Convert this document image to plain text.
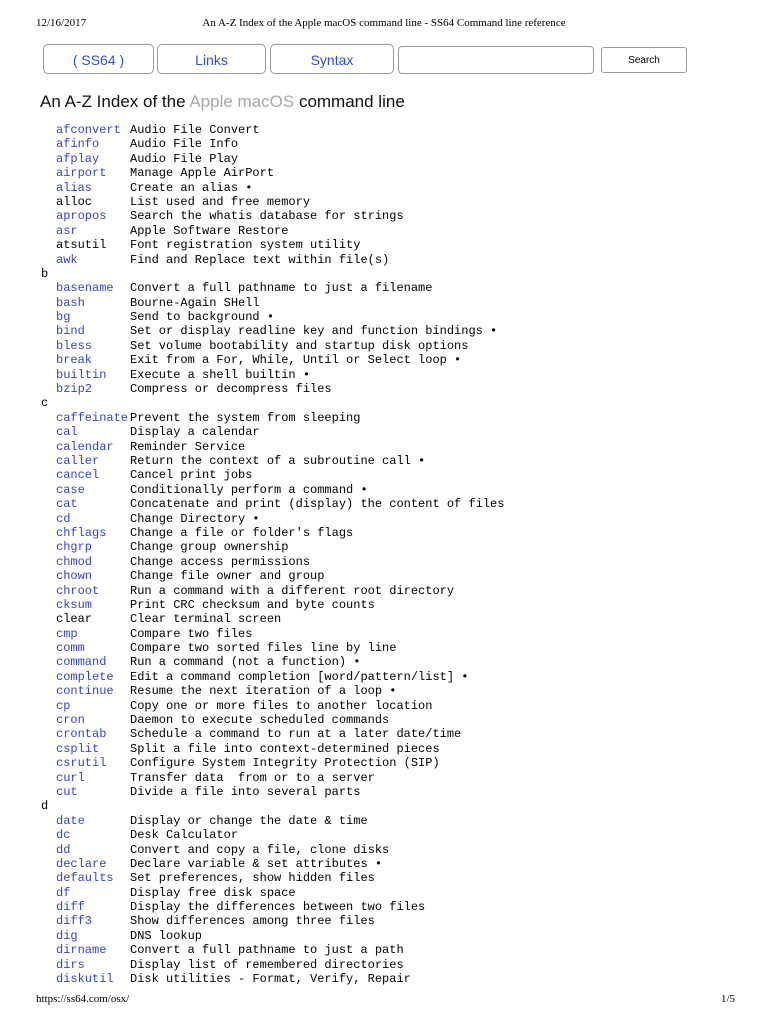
12/16/2017	An A-Z Index of the Apple macOS command line - SS64 Command line reference
( SS64 )	Links	Syntax	Search
An A-Z Index of the Apple macOS command line
afconvert Audio File Convert
afinfo	Audio File Info
afplay	Audio File Play
airport Manage Apple AirPort
alias	Create an alias •
alloc	List used and free memory
apropos Search the whatis database for strings
asr	Apple Software Restore
atsutil Font registration system utility
awk	Find and Replace text within file(s)
b
basename Convert a full pathname to just a filename
bash	Bourne-Again SHell
bg	Send to background •
bind	Set or display readline key and function bindings •
bless	Set volume bootability and startup disk options
break	Exit from a For, While, Until or Select loop •
builtin Execute a shell builtin •
bzip2	Compress or decompress files
c
caffeinate Prevent the system from sleeping
cal	Display a calendar
calendar Reminder Service
caller	Return the context of a subroutine call •
cancel	Cancel print jobs
case	Conditionally perform a command •
cat	Concatenate and print (display) the content of files
cd	Change Directory •
chflags Change a file or folder's flags
chgrp	Change group ownership
chmod	Change access permissions
chown	Change file owner and group
chroot	Run a command with a different root directory
cksum	Print CRC checksum and byte counts
clear	Clear terminal screen
cmp	Compare two files
comm	Compare two sorted files line by line
command Run a command (not a function) •
complete Edit a command completion [word/pattern/list] •
continue Resume the next iteration of a loop •
cp	Copy one or more files to another location
cron	Daemon to execute scheduled commands
crontab Schedule a command to run at a later date/time
csplit	Split a file into context-determined pieces
csrutil Configure System Integrity Protection (SIP)
curl	Transfer data  from or to a server
cut	Divide a file into several parts
d
date	Display or change the date & time
dc	Desk Calculator
dd	Convert and copy a file, clone disks
declare Declare variable & set attributes •
defaults Set preferences, show hidden files
df	Display free disk space
diff	Display the differences between two files
diff3	Show differences among three files
dig	DNS lookup
dirname Convert a full pathname to just a path
dirs	Display list of remembered directories
diskutil Disk utilities - Format, Verify, Repair
https://ss64.com/osx/	1/5
